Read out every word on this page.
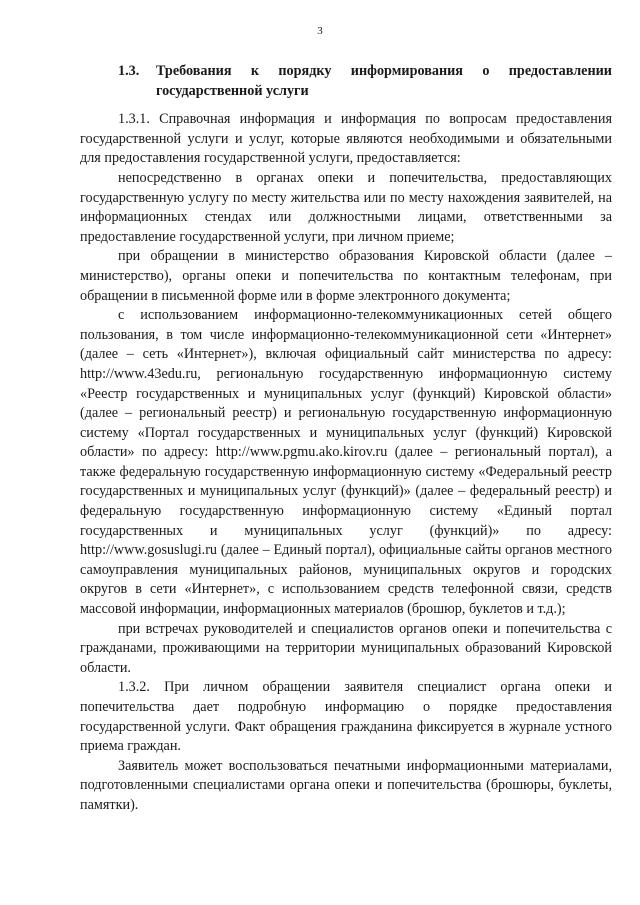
3
1.3.	Требования к порядку информирования о предоставлении государственной услуги

1.3.1. Справочная информация и информация по вопросам предоставления государственной услуги и услуг, которые являются необходимыми и обязательными для предоставления государственной услуги, предоставляется:

непосредственно в органах опеки и попечительства, предоставляющих государственную услугу по месту жительства или по месту нахождения заявителей, на информационных стендах или должностными лицами, ответственными за предоставление государственной услуги, при личном приеме;

при обращении в министерство образования Кировской области (далее – министерство), органы опеки и попечительства по контактным телефонам, при обращении в письменной форме или в форме электронного документа;

с использованием информационно-телекоммуникационных сетей общего пользования, в том числе информационно-телекоммуникационной сети «Интернет» (далее – сеть «Интернет»), включая официальный сайт министерства по адресу: http://www.43edu.ru, региональную государственную информационную систему «Реестр государственных и муниципальных услуг (функций) Кировской области» (далее – региональный реестр) и региональную государственную информационную систему «Портал государственных и муниципальных услуг (функций) Кировской области» по адресу: http://www.pgmu.ako.kirov.ru (далее – региональный портал), а также федеральную государственную информационную систему «Федеральный реестр государственных и муниципальных услуг (функций)» (далее – федеральный реестр) и федеральную государственную информационную систему «Единый портал государственных и муниципальных услуг (функций)» по адресу: http://www.gosuslugi.ru (далее – Единый портал), официальные сайты органов местного самоуправления муниципальных районов, муниципальных округов и городских округов в сети «Интернет», с использованием средств телефонной связи, средств массовой информации, информационных материалов (брошюр, буклетов и т.д.);

при встречах руководителей и специалистов органов опеки и попечительства с гражданами, проживающими на территории муниципальных образований Кировской области.

1.3.2. При личном обращении заявителя специалист органа опеки и попечительства дает подробную информацию о порядке предоставления государственной услуги. Факт обращения гражданина фиксируется в журнале устного приема граждан.

Заявитель может воспользоваться печатными информационными материалами, подготовленными специалистами органа опеки и попечительства (брошюры, буклеты, памятки).
